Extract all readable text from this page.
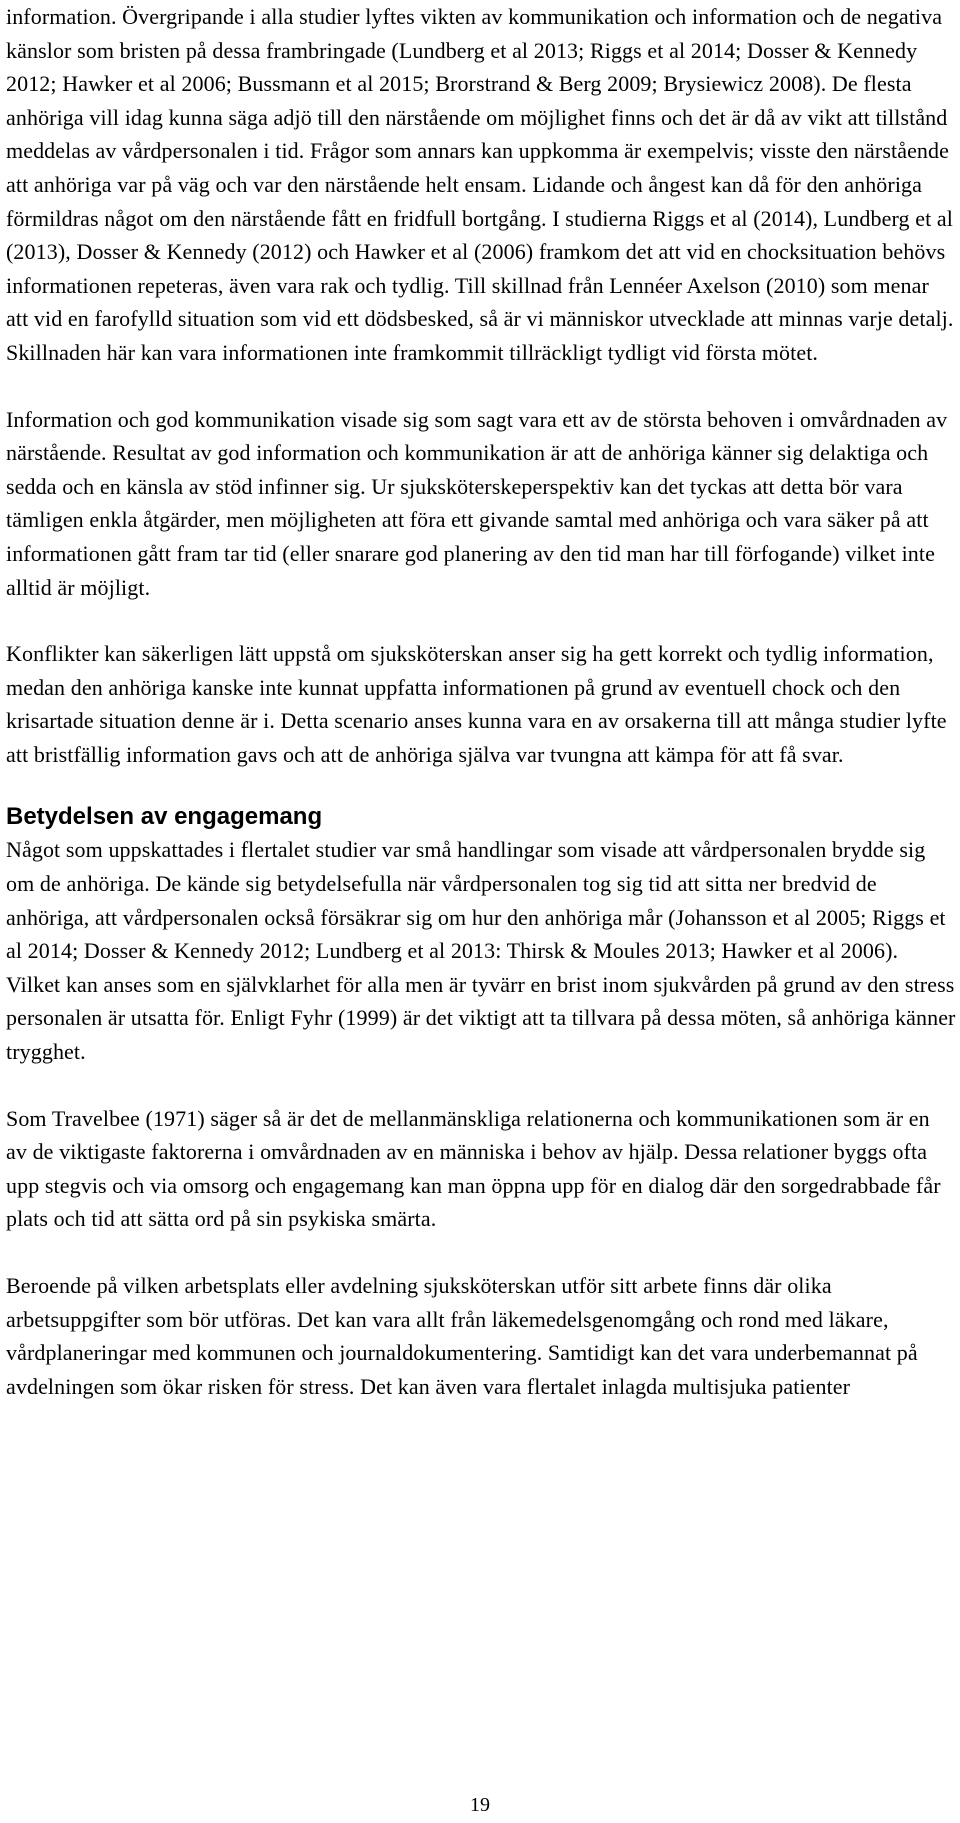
information. Övergripande i alla studier lyftes vikten av kommunikation och information och de negativa känslor som bristen på dessa frambringade (Lundberg et al 2013; Riggs et al 2014; Dosser & Kennedy 2012; Hawker et al 2006; Bussmann et al 2015; Brorstrand & Berg 2009; Brysiewicz 2008). De flesta anhöriga vill idag kunna säga adjö till den närstående om möjlighet finns och det är då av vikt att tillstånd meddelas av vårdpersonalen i tid. Frågor som annars kan uppkomma är exempelvis; visste den närstående att anhöriga var på väg och var den närstående helt ensam. Lidande och ångest kan då för den anhöriga förmildras något om den närstående fått en fridfull bortgång. I studierna Riggs et al (2014), Lundberg et al (2013), Dosser & Kennedy (2012) och Hawker et al (2006) framkom det att vid en chocksituation behövs informationen repeteras, även vara rak och tydlig. Till skillnad från Lennéer Axelson (2010) som menar att vid en farofylld situation som vid ett dödsbesked, så är vi människor utvecklade att minnas varje detalj. Skillnaden här kan vara informationen inte framkommit tillräckligt tydligt vid första mötet.

Information och god kommunikation visade sig som sagt vara ett av de största behoven i omvårdnaden av närstående. Resultat av god information och kommunikation är att de anhöriga känner sig delaktiga och sedda och en känsla av stöd infinner sig. Ur sjuksköterskeperspektiv kan det tyckas att detta bör vara tämligen enkla åtgärder, men möjligheten att föra ett givande samtal med anhöriga och vara säker på att informationen gått fram tar tid (eller snarare god planering av den tid man har till förfogande) vilket inte alltid är möjligt.

Konflikter kan säkerligen lätt uppstå om sjuksköterskan anser sig ha gett korrekt och tydlig information, medan den anhöriga kanske inte kunnat uppfatta informationen på grund av eventuell chock och den krisartade situation denne är i. Detta scenario anses kunna vara en av orsakerna till att många studier lyfte att bristfällig information gavs och att de anhöriga själva var tvungna att kämpa för att få svar.

Betydelsen av engagemang

Något som uppskattades i flertalet studier var små handlingar som visade att vårdpersonalen brydde sig om de anhöriga. De kände sig betydelsefulla när vårdpersonalen tog sig tid att sitta ner bredvid de anhöriga, att vårdpersonalen också försäkrar sig om hur den anhöriga mår (Johansson et al 2005; Riggs et al 2014; Dosser & Kennedy 2012; Lundberg et al 2013: Thirsk & Moules 2013; Hawker et al 2006). Vilket kan anses som en självklarhet för alla men är tyvärr en brist inom sjukvården på grund av den stress personalen är utsatta för. Enligt Fyhr (1999) är det viktigt att ta tillvara på dessa möten, så anhöriga känner trygghet.

Som Travelbee (1971) säger så är det de mellanmänskliga relationerna och kommunikationen som är en av de viktigaste faktorerna i omvårdnaden av en människa i behov av hjälp. Dessa relationer byggs ofta upp stegvis och via omsorg och engagemang kan man öppna upp för en dialog där den sorgedrabbade får plats och tid att sätta ord på sin psykiska smärta.

Beroende på vilken arbetsplats eller avdelning sjuksköterskan utför sitt arbete finns där olika arbetsuppgifter som bör utföras. Det kan vara allt från läkemedelsgenomgång och rond med läkare, vårdplaneringar med kommunen och journaldokumentering. Samtidigt kan det vara underbemannat på avdelningen som ökar risken för stress. Det kan även vara flertalet inlagda multisjuka patienter

19
